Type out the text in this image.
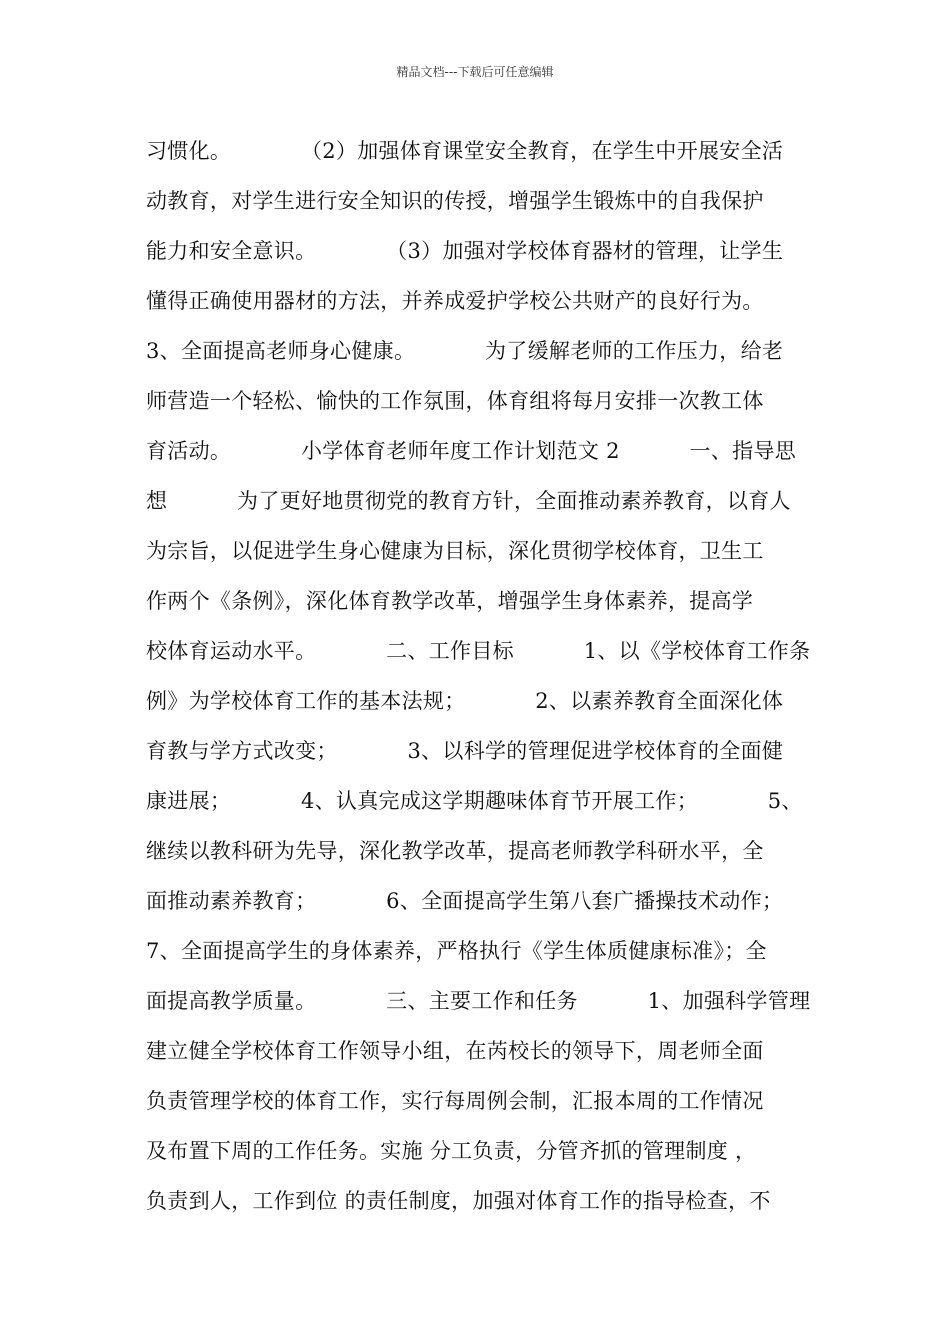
精品文档---下载后可任意编辑
习惯化。          （2）加强体育课堂安全教育，在学生中开展安全活
动教育，对学生进行安全知识的传授，增强学生锻炼中的自我保护
能力和安全意识。          （3）加强对学校体育器材的管理，让学生
懂得正确使用器材的方法，并养成爱护学校公共财产的良好行为。
3、全面提高老师身心健康。          为了缓解老师的工作压力，给老
师营造一个轻松、愉快的工作氛围，体育组将每月安排一次教工体
育活动。          小学体育老师年度工作计划范文 2          一、指导思
想          为了更好地贯彻党的教育方针，全面推动素养教育，以育人
为宗旨，以促进学生身心健康为目标，深化贯彻学校体育，卫生工
作两个《条例》，深化体育教学改革，增强学生身体素养，提高学
校体育运动水平。          二、工作目标          1、以《学校体育工作条
例》为学校体育工作的基本法规；          2、以素养教育全面深化体
育教与学方式改变；          3、以科学的管理促进学校体育的全面健
康进展；          4、认真完成这学期趣味体育节开展工作；          5、
继续以教科研为先导，深化教学改革，提高老师教学科研水平，全
面推动素养教育；          6、全面提高学生第八套广播操技术动作；
7、全面提高学生的身体素养，严格执行《学生体质健康标准》；全
面提高教学质量。          三、主要工作和任务          1、加强科学管理
建立健全学校体育工作领导小组，在芮校长的领导下，周老师全面
负责管理学校的体育工作，实行每周例会制，汇报本周的工作情况
及布置下周的工作任务。实施 分工负责，分管齐抓的管理制度 ，
负责到人，工作到位 的责任制度，加强对体育工作的指导检查，不
